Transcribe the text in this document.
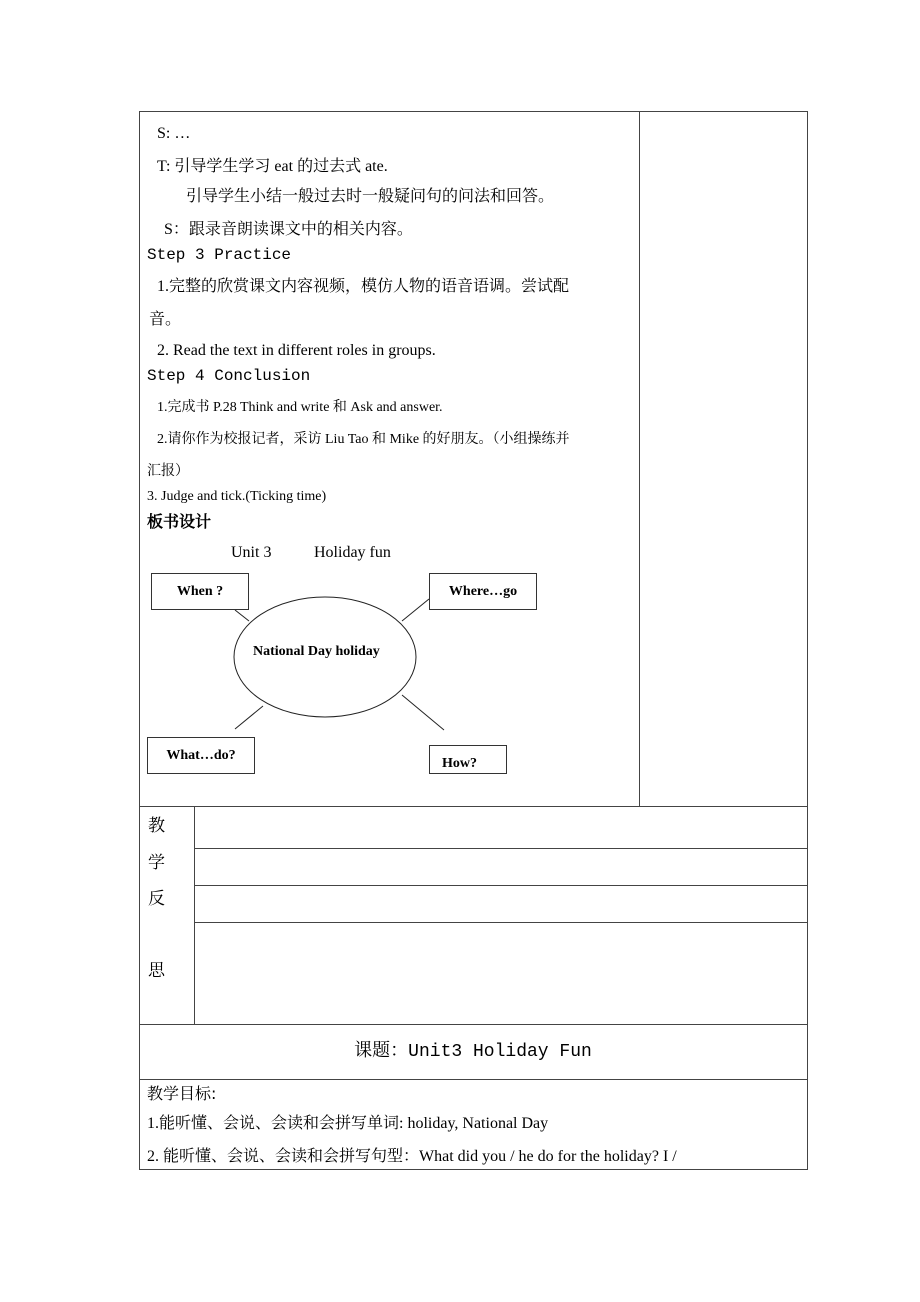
S: …
T: 引导学生学习 eat 的过去式 ate.
引导学生小结一般过去时一般疑问句的问法和回答。
S：跟录音朗读课文中的相关内容。
Step 3 Practice
1.完整的欣赏课文内容视频，模仿人物的语音语调。尝试配
音。
2. Read the text in different roles in groups.
Step 4 Conclusion
1.完成书 P.28 Think and write 和 Ask and answer.
2.请你作为校报记者，采访 Liu Tao 和 Mike 的好朋友。（小组操练并
汇报）
3. Judge and tick.(Ticking time)
板书设计
Unit 3	Holiday fun
National Day holiday
When ?	Where…go
What…do?
How?
教
学
反
思
课题：Unit3 Holiday Fun
教学目标:
1.能听懂、会说、会读和会拼写单词: holiday, National Day
2. 能听懂、会说、会读和会拼写句型：What did you / he do for the holiday? I /
